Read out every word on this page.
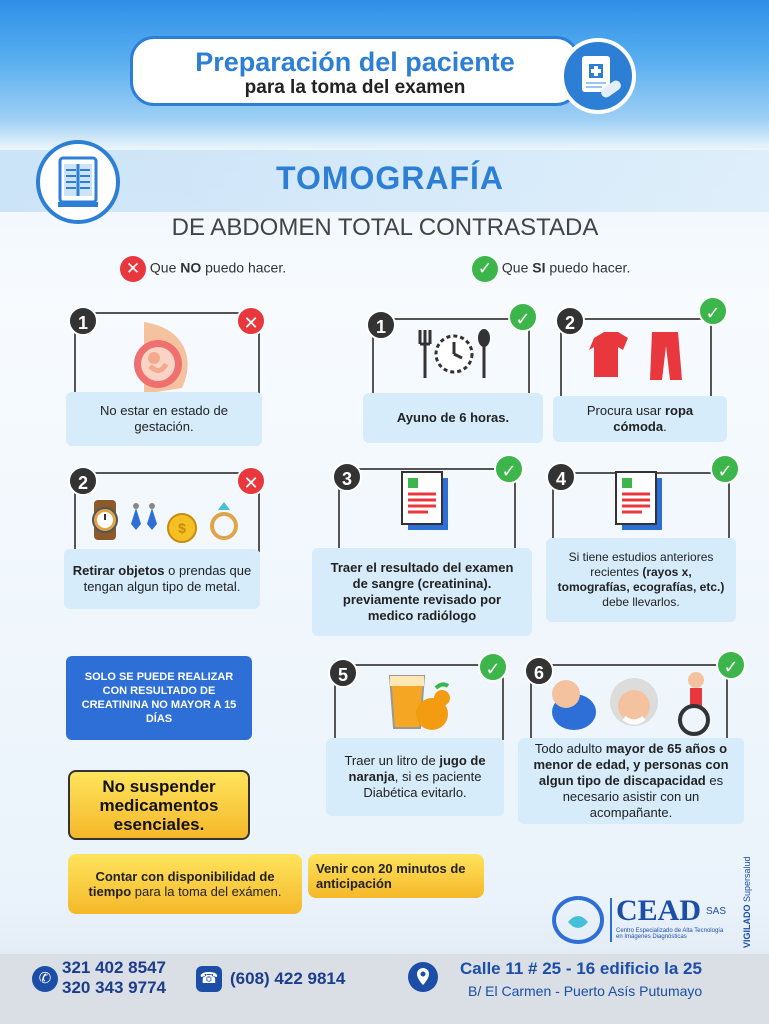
Preparación del paciente
para la toma del examen
TOMOGRAFÍA
DE ABDOMEN TOTAL CONTRASTADA
✕ Que NO puedo hacer.	✓ Que SI puedo hacer.
1	✕
No estar en estado de gestación.
2	✕
$
Retirar objetos o prendas que tengan algun tipo de metal.
1	✓
Ayuno de 6 horas.
2	✓
Procura usar ropa cómoda.
3	✓
Traer el resultado del examen
de sangre (creatinina).
previamente revisado por
medico radiólogo
4	✓
Si tiene estudios anteriores recientes (rayos x, tomografías, ecografías, etc.) debe llevarlos.
5	✓
Traer un litro de jugo de naranja, si es paciente Diabética evitarlo.
6	✓
Todo adulto mayor de 65 años o menor de edad, y personas con algun tipo de discapacidad es necesario asistir con un acompañante.
SOLO SE PUEDE REALIZAR CON RESULTADO DE CREATININA NO MAYOR A 15 DÍAS
No suspender medicamentos esenciales.
Contar con disponibilidad de tiempo para la toma del exámen.
Venir con 20 minutos de anticipación
CEAD SAS
Centro Especializado de Alta Tecnología
en Imágenes Diagnósticas	VIGILADO Supersalud
✆
321 402 8547
320 343 9774 ☎ (608) 422 9814
Calle 11 # 25 - 16 edificio la 25
B/ El Carmen - Puerto Asís Putumayo
